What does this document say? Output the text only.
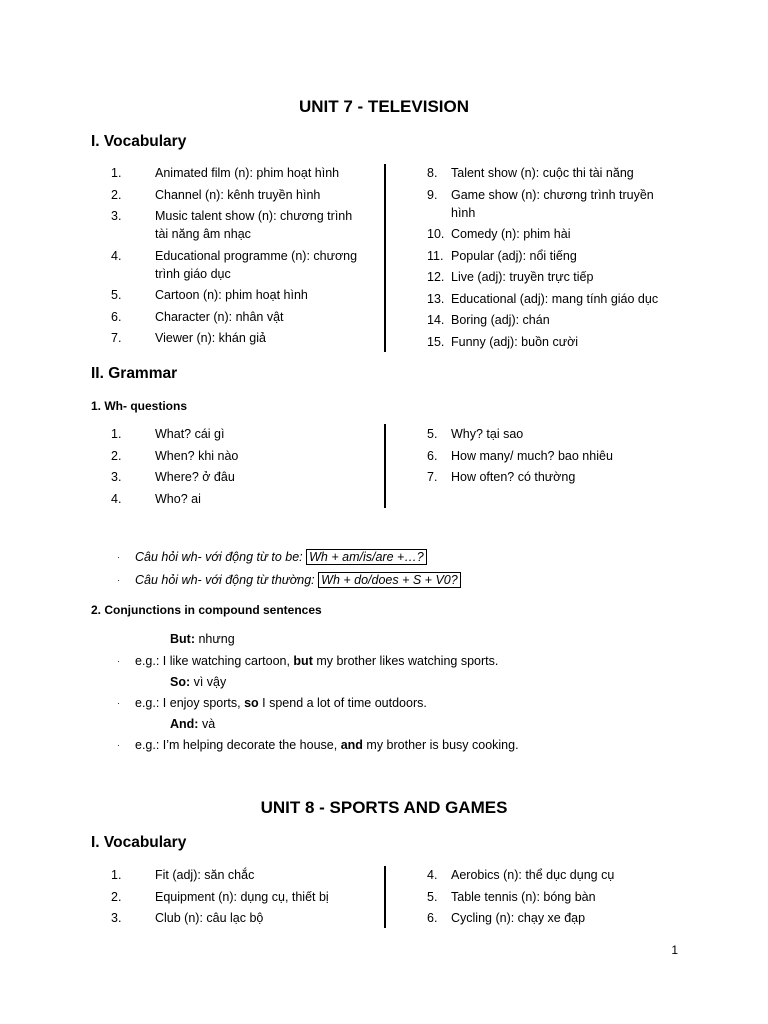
UNIT 7 - TELEVISION
I. Vocabulary
1.	Animated film (n): phim hoạt hình
2.	Channel (n): kênh truyền hình
3.	Music talent show (n): chương trình tài năng âm nhạc
4.	Educational programme (n): chương trình giáo dục
5.	Cartoon (n): phim hoạt hình
6.	Character (n): nhân vật
7.	Viewer (n): khán giả
8.	Talent show (n): cuộc thi tài năng
9.	Game show (n): chương trình truyền hình
10. Comedy (n): phim hài
11. Popular (adj): nổi tiếng
12. Live (adj): truyền trực tiếp
13. Educational (adj): mang tính giáo dục
14. Boring (adj): chán
15. Funny (adj): buồn cười
II. Grammar
1. Wh- questions
1.	What? cái gì
2.	When? khi nào
3.	Where? ở đâu
4.	Who? ai
5.	Why? tại sao
6.	How many/ much? bao nhiêu
7.	How often? có thường
· Câu hỏi wh- với động từ to be: Wh + am/is/are +…?
· Câu hỏi wh- với động từ thường: Wh + do/does + S + V0?
2. Conjunctions in compound sentences
But: nhưng
· e.g.: I like watching cartoon, but my brother likes watching sports.
So: vì vậy
· e.g.: I enjoy sports, so I spend a lot of time outdoors.
And: và
· e.g.: I’m helping decorate the house, and my brother is busy cooking.
UNIT 8 - SPORTS AND GAMES
I. Vocabulary
1.	Fit (adj): săn chắc
2.	Equipment (n): dụng cụ, thiết bị
3.	Club (n): câu lạc bộ
4.	Aerobics (n): thể dục dụng cụ
5.	Table tennis (n): bóng bàn
6.	Cycling (n): chạy xe đạp
1
